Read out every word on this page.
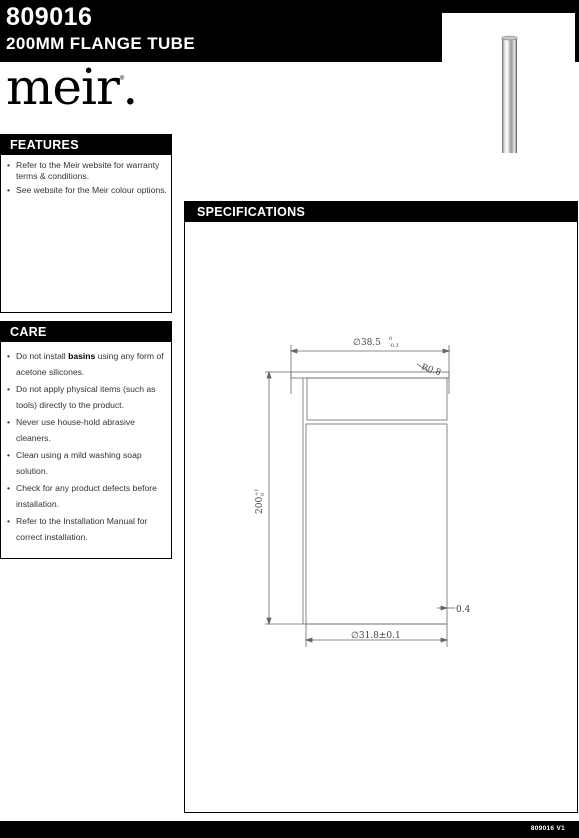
809016
200MM FLANGE TUBE
meir®.
FEATURES
• Refer to the Meir website for warranty terms & conditions.
• See website for the Meir colour options.
CARE
• Do not install basins using any form of acetone silicones.
• Do not apply physical items (such as tools) directly to the product.
• Never use house-hold abrasive cleaners.
• Clean using a mild washing soap solution.
• Check for any product defects before installation.
• Refer to the Installation Manual for correct installation.
SPECIFICATIONS
∅38.5 0
-0.3
R0.8
200
+1 0
0.4
∅31.8±0.1
809016 V1
